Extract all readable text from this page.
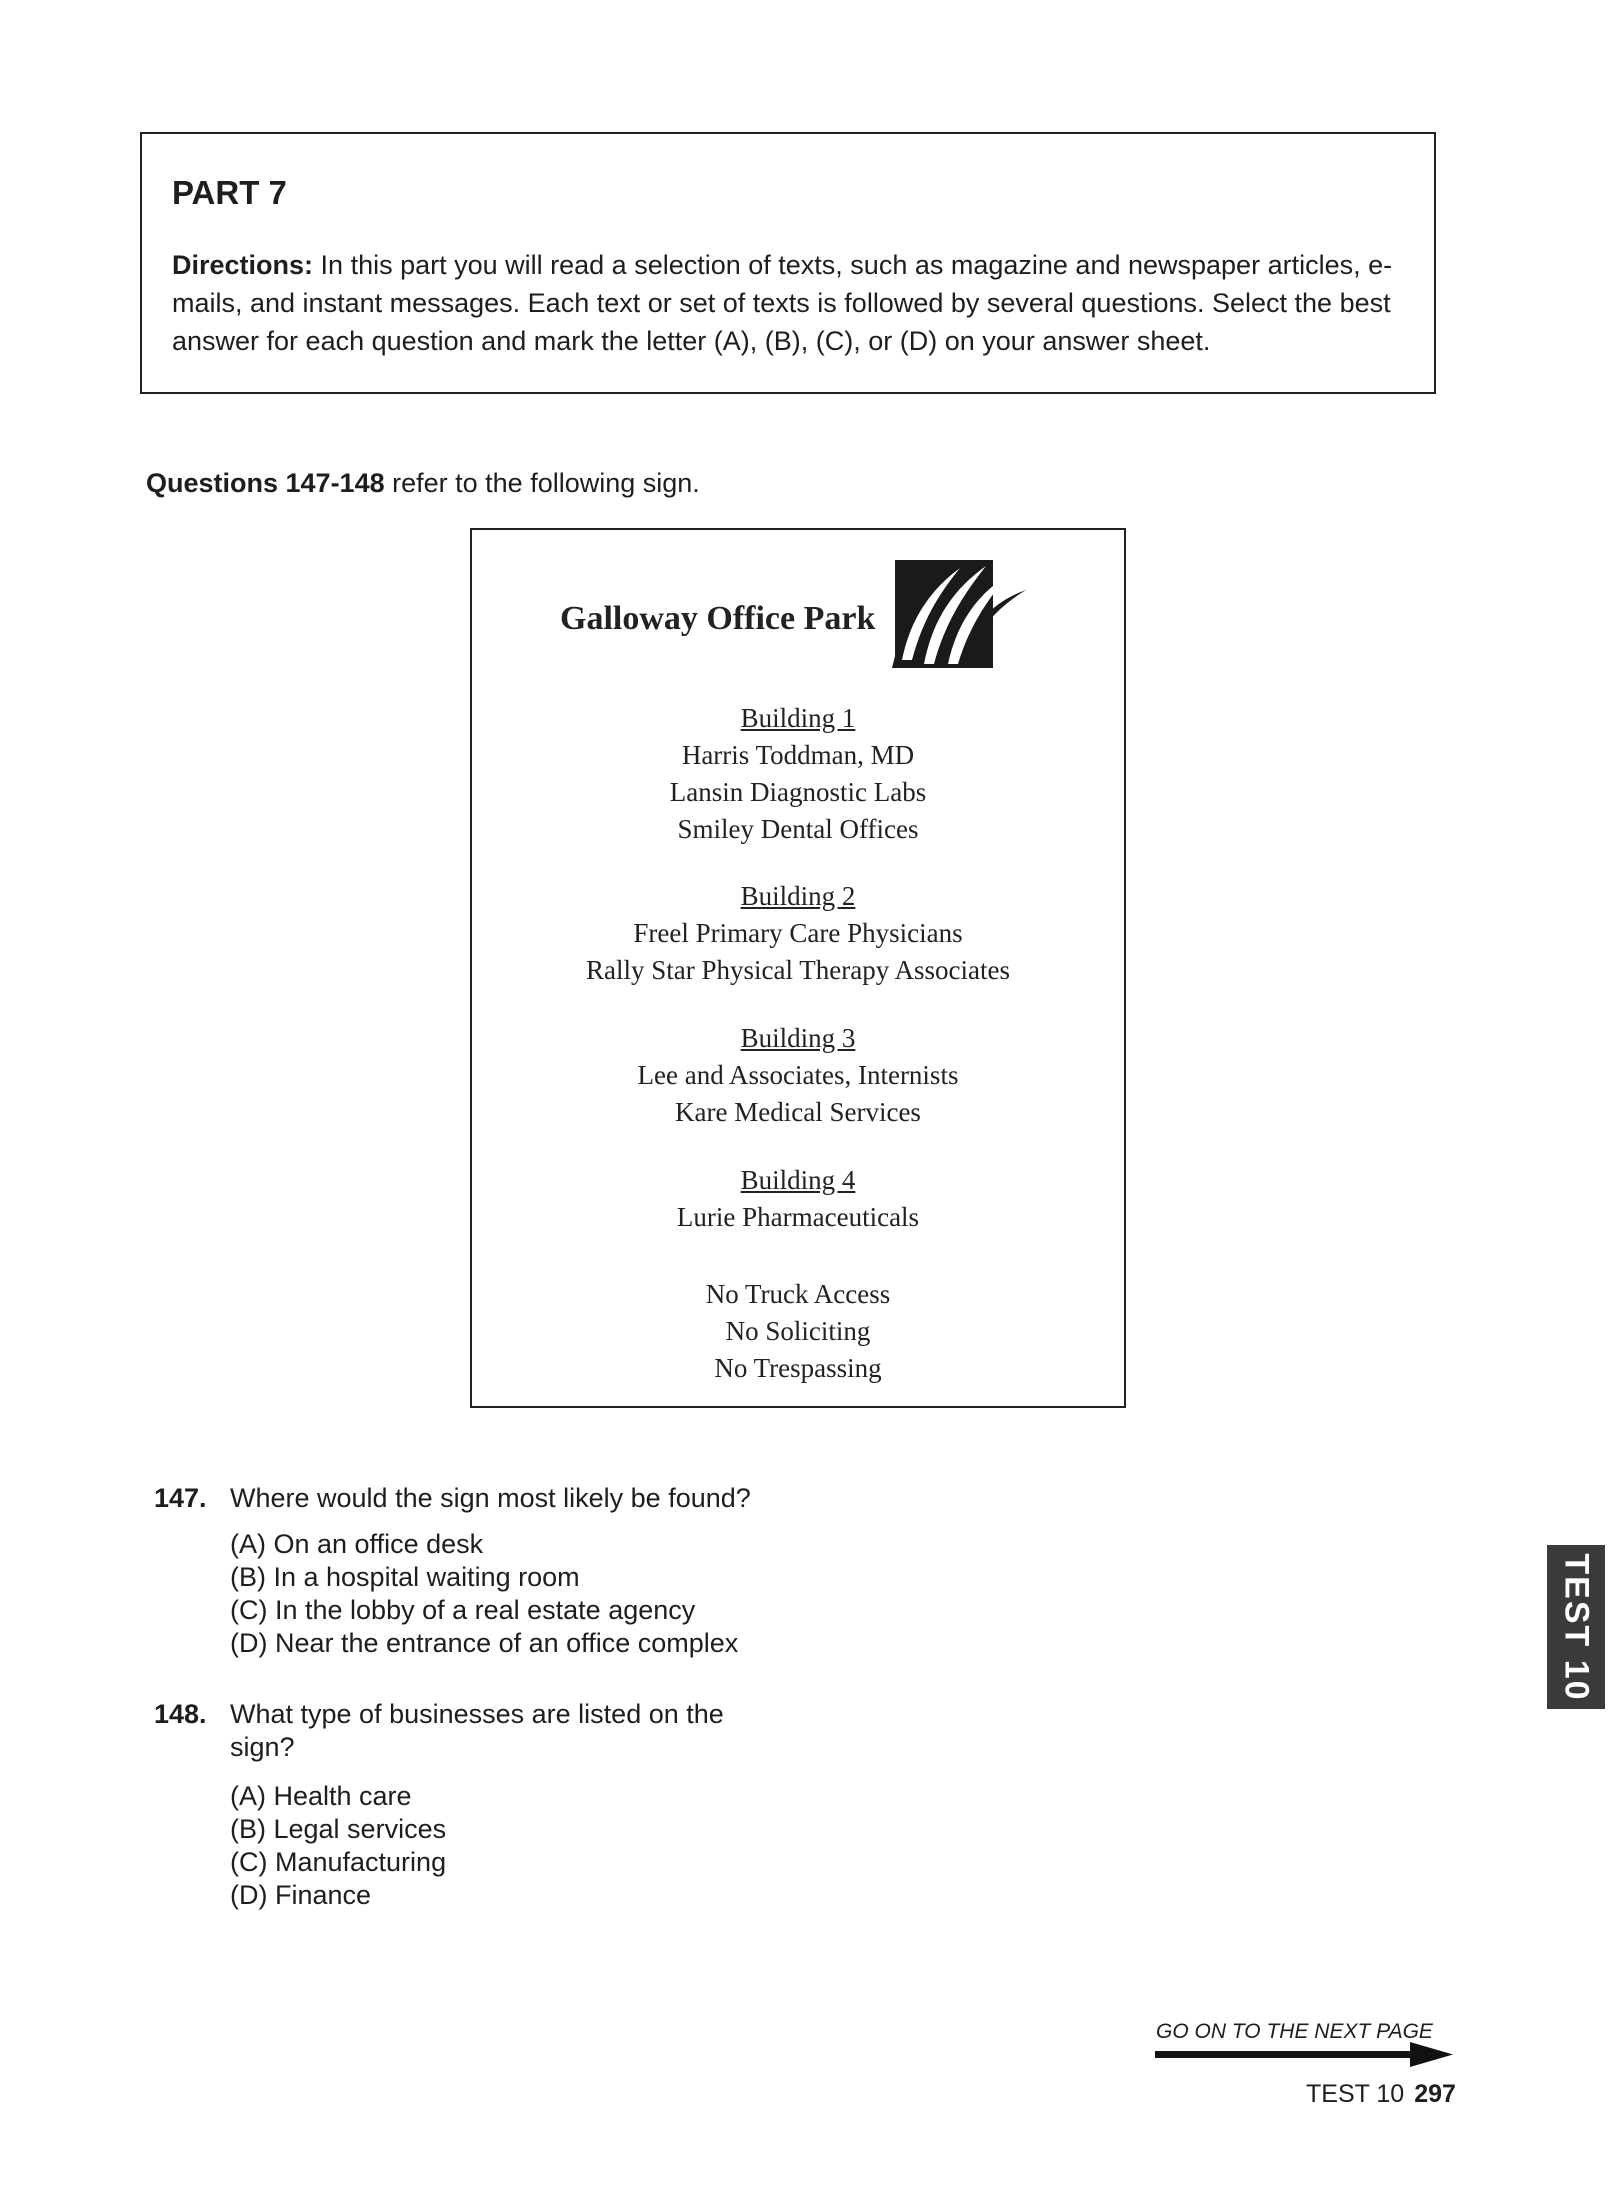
PART 7

Directions: In this part you will read a selection of texts, such as magazine and newspaper articles, e-mails, and instant messages. Each text or set of texts is followed by several questions. Select the best answer for each question and mark the letter (A), (B), (C), or (D) on your answer sheet.

Questions 147-148 refer to the following sign.

Galloway Office Park
Building 1
Harris Toddman, MD
Lansin Diagnostic Labs
Smiley Dental Offices
Building 2
Freel Primary Care Physicians
Rally Star Physical Therapy Associates
Building 3
Lee and Associates, Internists
Kare Medical Services
Building 4
Lurie Pharmaceuticals
No Truck Access
No Soliciting
No Trespassing
147. Where would the sign most likely be found?
(A) On an office desk
(B) In a hospital waiting room
(C) In the lobby of a real estate agency
(D) Near the entrance of an office complex
148. What type of businesses are listed on the
sign?
(A) Health care
(B) Legal services
(C) Manufacturing
(D) Finance
TEST 10

GO ON TO THE NEXT PAGE

TEST 10 297
